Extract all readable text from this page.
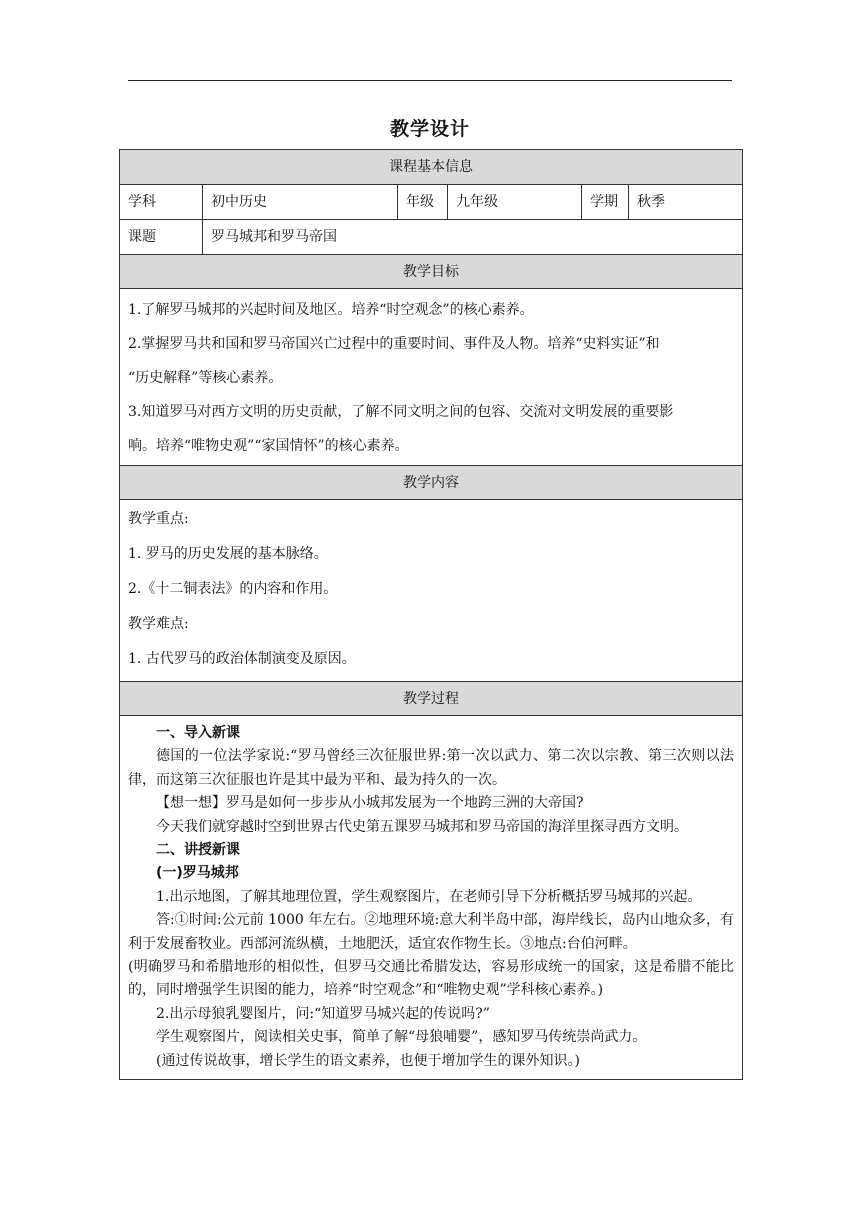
教学设计
课程基本信息
学科	初中历史	年级	九年级	学期	秋季
课题	罗马城邦和罗马帝国
教学目标

1.了解罗马城邦的兴起时间及地区。培养“时空观念”的核心素养。

2.掌握罗马共和国和罗马帝国兴亡过程中的重要时间、事件及人物。培养“史料实证”和

“历史解释”等核心素养。

3.知道罗马对西方文明的历史贡献，了解不同文明之间的包容、交流对文明发展的重要影

响。培养“唯物史观”“家国情怀”的核心素养。

教学内容

教学重点:

1. 罗马的历史发展的基本脉络。

2.《十二铜表法》的内容和作用。

教学难点:

1. 古代罗马的政治体制演变及原因。

教学过程

一、导入新课

德国的一位法学家说:“罗马曾经三次征服世界:第一次以武力、第二次以宗教、第三次则以法律，而这第三次征服也许是其中最为平和、最为持久的一次。

【想一想】罗马是如何一步步从小城邦发展为一个地跨三洲的大帝国?

今天我们就穿越时空到世界古代史第五课罗马城邦和罗马帝国的海洋里探寻西方文明。

二、讲授新课

(一)罗马城邦

1.出示地图，了解其地理位置，学生观察图片，在老师引导下分析概括罗马城邦的兴起。

答:①时间:公元前 1000 年左右。②地理环境:意大利半岛中部，海岸线长，岛内山地众多，有利于发展畜牧业。西部河流纵横，土地肥沃，适宜农作物生长。③地点:台伯河畔。

(明确罗马和希腊地形的相似性，但罗马交通比希腊发达，容易形成统一的国家，这是希腊不能比的，同时增强学生识图的能力，培养“时空观念”和“唯物史观”学科核心素养。)

2.出示母狼乳婴图片，问:“知道罗马城兴起的传说吗?”

学生观察图片，阅读相关史事，简单了解“母狼哺婴”，感知罗马传统崇尚武力。

(通过传说故事，增长学生的语文素养，也便于增加学生的课外知识。)
